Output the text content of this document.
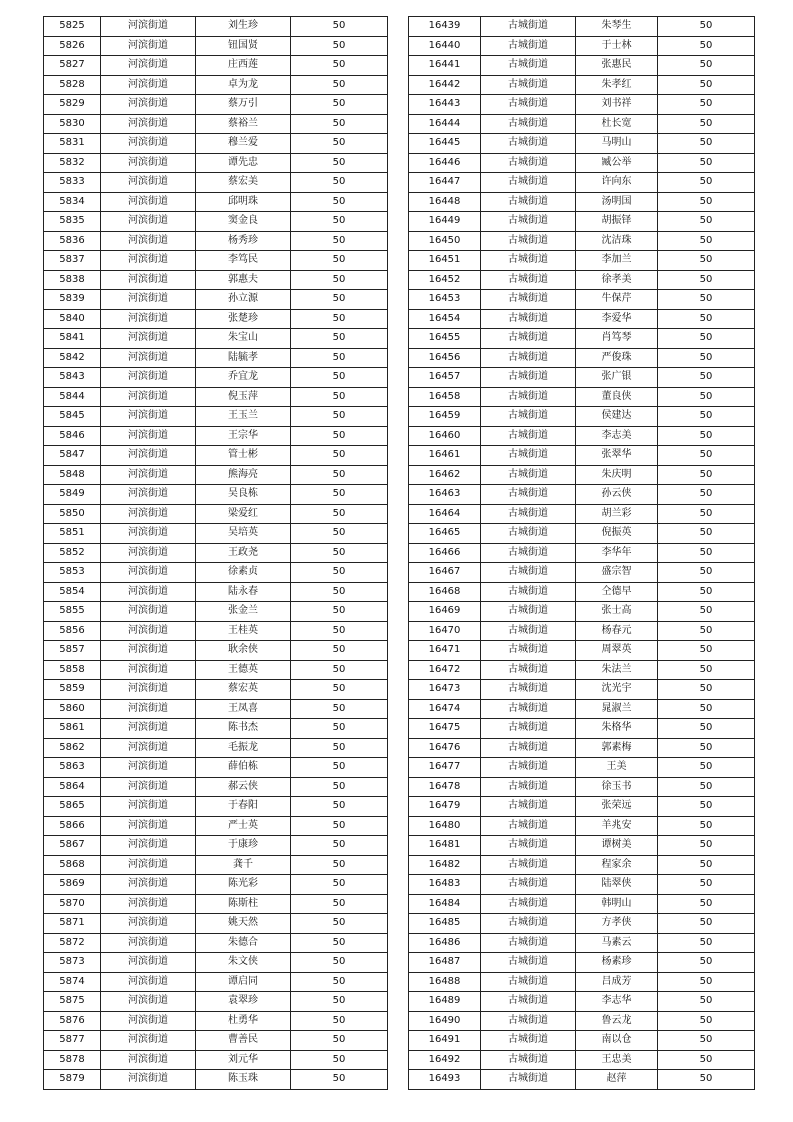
5825	河滨街道	刘生珍	50
5826	河滨街道	钮国贤	50
5827	河滨街道	庄西莲	50
5828	河滨街道	卓为龙	50
5829	河滨街道	蔡万引	50
5830	河滨街道	蔡裕兰	50
5831	河滨街道	穆兰爱	50
5832	河滨街道	谭先忠	50
5833	河滨街道	蔡宏美	50
5834	河滨街道	邱明珠	50
5835	河滨街道	窦金良	50
5836	河滨街道	杨秀珍	50
5837	河滨街道	李笃民	50
5838	河滨街道	郭惠夫	50
5839	河滨街道	孙立源	50
5840	河滨街道	张楚珍	50
5841	河滨街道	朱宝山	50
5842	河滨街道	陆毓孝	50
5843	河滨街道	乔宜龙	50
5844	河滨街道	倪玉萍	50
5845	河滨街道	王玉兰	50
5846	河滨街道	王宗华	50
5847	河滨街道	管士彬	50
5848	河滨街道	熊海亮	50
5849	河滨街道	吴良栋	50
5850	河滨街道	梁爱红	50
5851	河滨街道	吴培英	50
5852	河滨街道	王政尧	50
5853	河滨街道	徐素贞	50
5854	河滨街道	陆永春	50
5855	河滨街道	张金兰	50
5856	河滨街道	王桂英	50
5857	河滨街道	耿余侠	50
5858	河滨街道	王德英	50
5859	河滨街道	蔡宏英	50
5860	河滨街道	王凤喜	50
5861	河滨街道	陈书杰	50
5862	河滨街道	毛振龙	50
5863	河滨街道	薛伯栋	50
5864	河滨街道	郝云侠	50
5865	河滨街道	于春阳	50
5866	河滨街道	严士英	50
5867	河滨街道	于康珍	50
5868	河滨街道	龚千	50
5869	河滨街道	陈光彩	50
5870	河滨街道	陈斯柱	50
5871	河滨街道	姚天然	50
5872	河滨街道	朱德合	50
5873	河滨街道	朱文侠	50
5874	河滨街道	谭启同	50
5875	河滨街道	袁翠珍	50
5876	河滨街道	杜勇华	50
5877	河滨街道	曹善民	50
5878	河滨街道	刘元华	50
5879	河滨街道	陈玉珠	50
16439	古城街道	朱琴生	50
16440	古城街道	于士林	50
16441	古城街道	张惠民	50
16442	古城街道	朱孝红	50
16443	古城街道	刘书祥	50
16444	古城街道	杜长宽	50
16445	古城街道	马明山	50
16446	古城街道	臧公举	50
16447	古城街道	许向东	50
16448	古城街道	汤明国	50
16449	古城街道	胡振铎	50
16450	古城街道	沈洁珠	50
16451	古城街道	李加兰	50
16452	古城街道	徐孝美	50
16453	古城街道	牛保芹	50
16454	古城街道	李爱华	50
16455	古城街道	肖笃琴	50
16456	古城街道	严俊珠	50
16457	古城街道	张广银	50
16458	古城街道	董良侠	50
16459	古城街道	侯建达	50
16460	古城街道	李志美	50
16461	古城街道	张翠华	50
16462	古城街道	朱庆明	50
16463	古城街道	孙云侠	50
16464	古城街道	胡兰彩	50
16465	古城街道	倪振英	50
16466	古城街道	李华年	50
16467	古城街道	盛宗智	50
16468	古城街道	仝德早	50
16469	古城街道	张士高	50
16470	古城街道	杨春元	50
16471	古城街道	周翠英	50
16472	古城街道	朱法兰	50
16473	古城街道	沈光宇	50
16474	古城街道	晁淑兰	50
16475	古城街道	朱格华	50
16476	古城街道	郭素梅	50
16477	古城街道	王美	50
16478	古城街道	徐玉书	50
16479	古城街道	张荣远	50
16480	古城街道	羊兆安	50
16481	古城街道	谭树美	50
16482	古城街道	程家余	50
16483	古城街道	陆翠侠	50
16484	古城街道	韩明山	50
16485	古城街道	方孝侠	50
16486	古城街道	马素云	50
16487	古城街道	杨素珍	50
16488	古城街道	吕成芳	50
16489	古城街道	李志华	50
16490	古城街道	鲁云龙	50
16491	古城街道	南以仓	50
16492	古城街道	王忠美	50
16493	古城街道	赵萍	50
